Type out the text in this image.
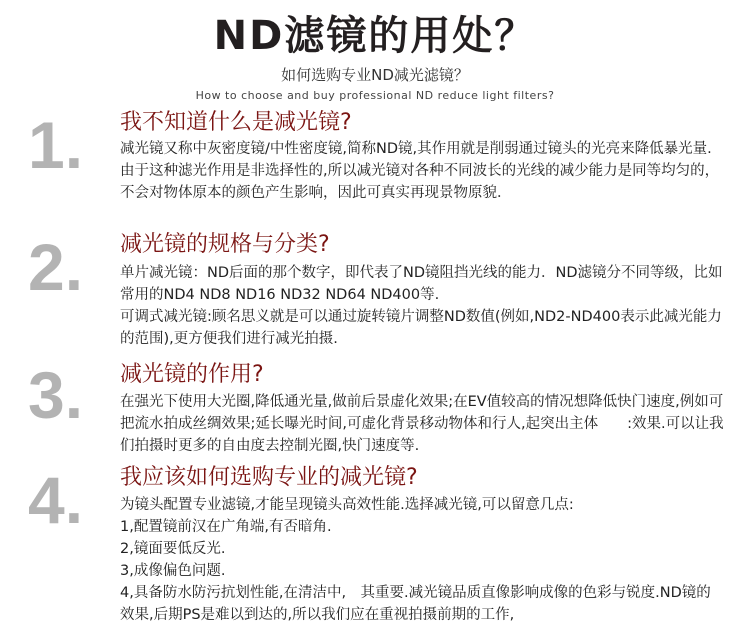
ND滤镜的用处？
如何选购专业ND减光滤镜？
How to choose and buy professional ND reduce light filters?
1. 我不知道什么是减光镜?

减光镜又称中灰密度镜/中性密度镜,简称ND镜,其作用就是削弱通过镜头的光亮来降低暴光量.由于这种滤光作用是非选择性的,所以减光镜对各种不同波长的光线的减少能力是同等均匀的，不会对物体原本的颜色产生影响，因此可真实再现景物原貌．

2. 减光镜的规格与分类?

单片减光镜：ND后面的那个数字，即代表了ND镜阻挡光线的能力．ND滤镜分不同等级，比如常用的ND4 ND8 ND16 ND32 ND64 ND400等.

可调式减光镜:顾名思义就是可以通过旋转镜片调整ND数值(例如,ND2-ND400表示此减光能力的范围),更方便我们进行减光拍摄.

3. 减光镜的作用?

在强光下使用大光圈,降低通光量,做前后景虚化效果;在EV值较高的情况想降低快门速度,例如可把流水拍成丝绸效果;延长曝光时间,可虚化背景移动物体和行人,起突出主体　　:效果.可以让我们拍摄时更多的自由度去控制光圈,快门速度等.

4. 我应该如何选购专业的减光镜?

为镜头配置专业滤镜,才能呈现镜头高效性能.选择减光镜,可以留意几点:

1,配置镜前汉在广角端,有否暗角.

2,镜面要低反光.

3,成像偏色问题.

4,具备防水防污抗划性能,在清洁中,　其重要.减光镜品质直像影响成像的色彩与锐度.ND镜的效果,后期PS是难以到达的,所以我们应在重视拍摄前期的工作,
